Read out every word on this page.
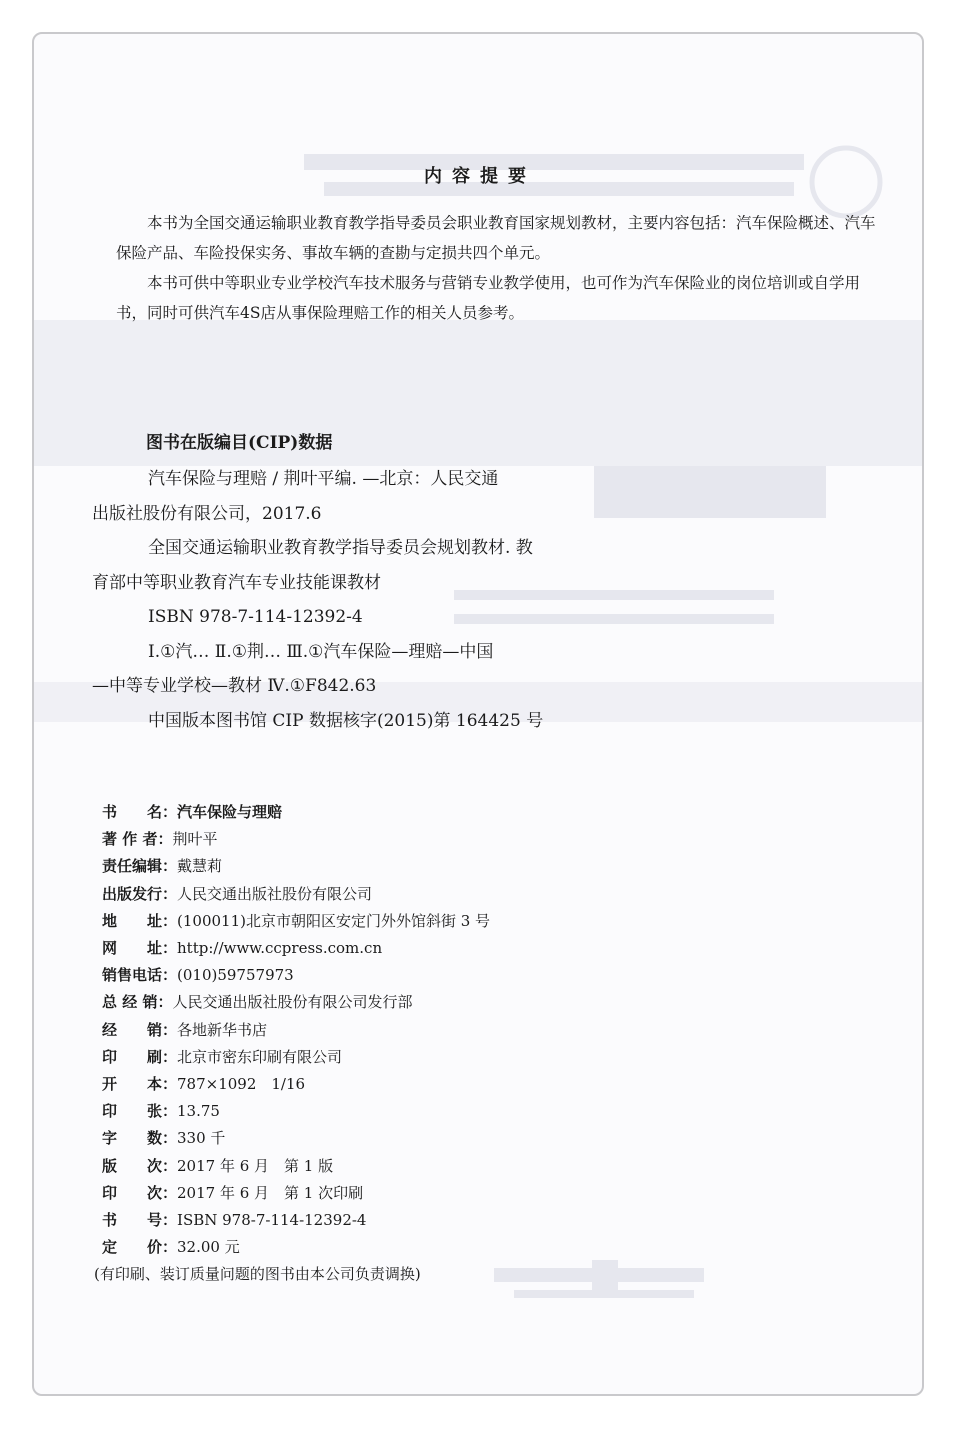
内容提要
本书为全国交通运输职业教育教学指导委员会职业教育国家规划教材，主要内容包括：汽车保险概述、汽车保险产品、车险投保实务、事故车辆的查勘与定损共四个单元。
本书可供中等职业专业学校汽车技术服务与营销专业教学使用，也可作为汽车保险业的岗位培训或自学用书，同时可供汽车4S店从事保险理赔工作的相关人员参考。
图书在版编目(CIP)数据
汽车保险与理赔 / 荆叶平编. —北京：人民交通
出版社股份有限公司，2017.6
全国交通运输职业教育教学指导委员会规划教材. 教
育部中等职业教育汽车专业技能课教材
ISBN 978-7-114-12392-4
Ⅰ.①汽… Ⅱ.①荆… Ⅲ.①汽车保险—理赔—中国
—中等专业学校—教材 Ⅳ.①F842.63
中国版本图书馆 CIP 数据核字(2015)第 164425 号
书　　名： 汽车保险与理赔
著 作 者： 荆叶平
责任编辑： 戴慧莉
出版发行： 人民交通出版社股份有限公司
地　　址： (100011)北京市朝阳区安定门外外馆斜街 3 号
网　　址： http://www.ccpress.com.cn
销售电话： (010)59757973
总 经 销： 人民交通出版社股份有限公司发行部
经　　销： 各地新华书店
印　　刷： 北京市密东印刷有限公司
开　　本： 787×1092　1/16
印　　张： 13.75
字　　数： 330 千
版　　次： 2017 年 6 月　第 1 版
印　　次： 2017 年 6 月　第 1 次印刷
书　　号： ISBN 978-7-114-12392-4
定　　价： 32.00 元
(有印刷、装订质量问题的图书由本公司负责调换)
